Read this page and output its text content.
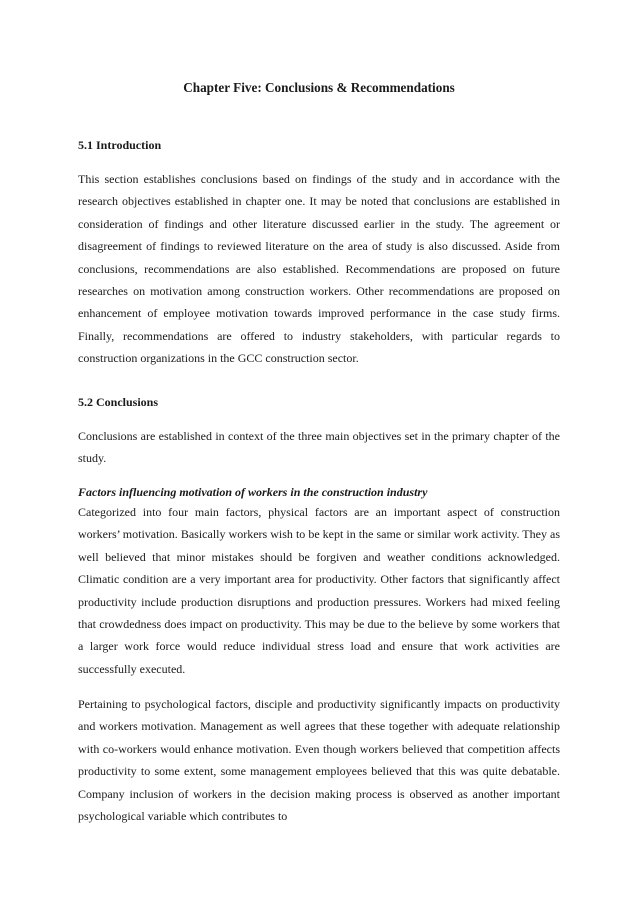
Chapter Five: Conclusions & Recommendations
5.1 Introduction

This section establishes conclusions based on findings of the study and in accordance with the research objectives established in chapter one. It may be noted that conclusions are established in consideration of findings and other literature discussed earlier in the study. The agreement or disagreement of findings to reviewed literature on the area of study is also discussed. Aside from conclusions, recommendations are also established. Recommendations are proposed on future researches on motivation among construction workers. Other recommendations are proposed on enhancement of employee motivation towards improved performance in the case study firms. Finally, recommendations are offered to industry stakeholders, with particular regards to construction organizations in the GCC construction sector.

5.2 Conclusions

Conclusions are established in context of the three main objectives set in the primary chapter of the study.

Factors influencing motivation of workers in the construction industry

Categorized into four main factors, physical factors are an important aspect of construction workers’ motivation. Basically workers wish to be kept in the same or similar work activity. They as well believed that minor mistakes should be forgiven and weather conditions acknowledged. Climatic condition are a very important area for productivity. Other factors that significantly affect productivity include production disruptions and production pressures. Workers had mixed feeling that crowdedness does impact on productivity. This may be due to the believe by some workers that a larger work force would reduce individual stress load and ensure that work activities are successfully executed.

Pertaining to psychological factors, disciple and productivity significantly impacts on productivity and workers motivation. Management as well agrees that these together with adequate relationship with co-workers would enhance motivation. Even though workers believed that competition affects productivity to some extent, some management employees believed that this was quite debatable. Company inclusion of workers in the decision making process is observed as another important psychological variable which contributes to
